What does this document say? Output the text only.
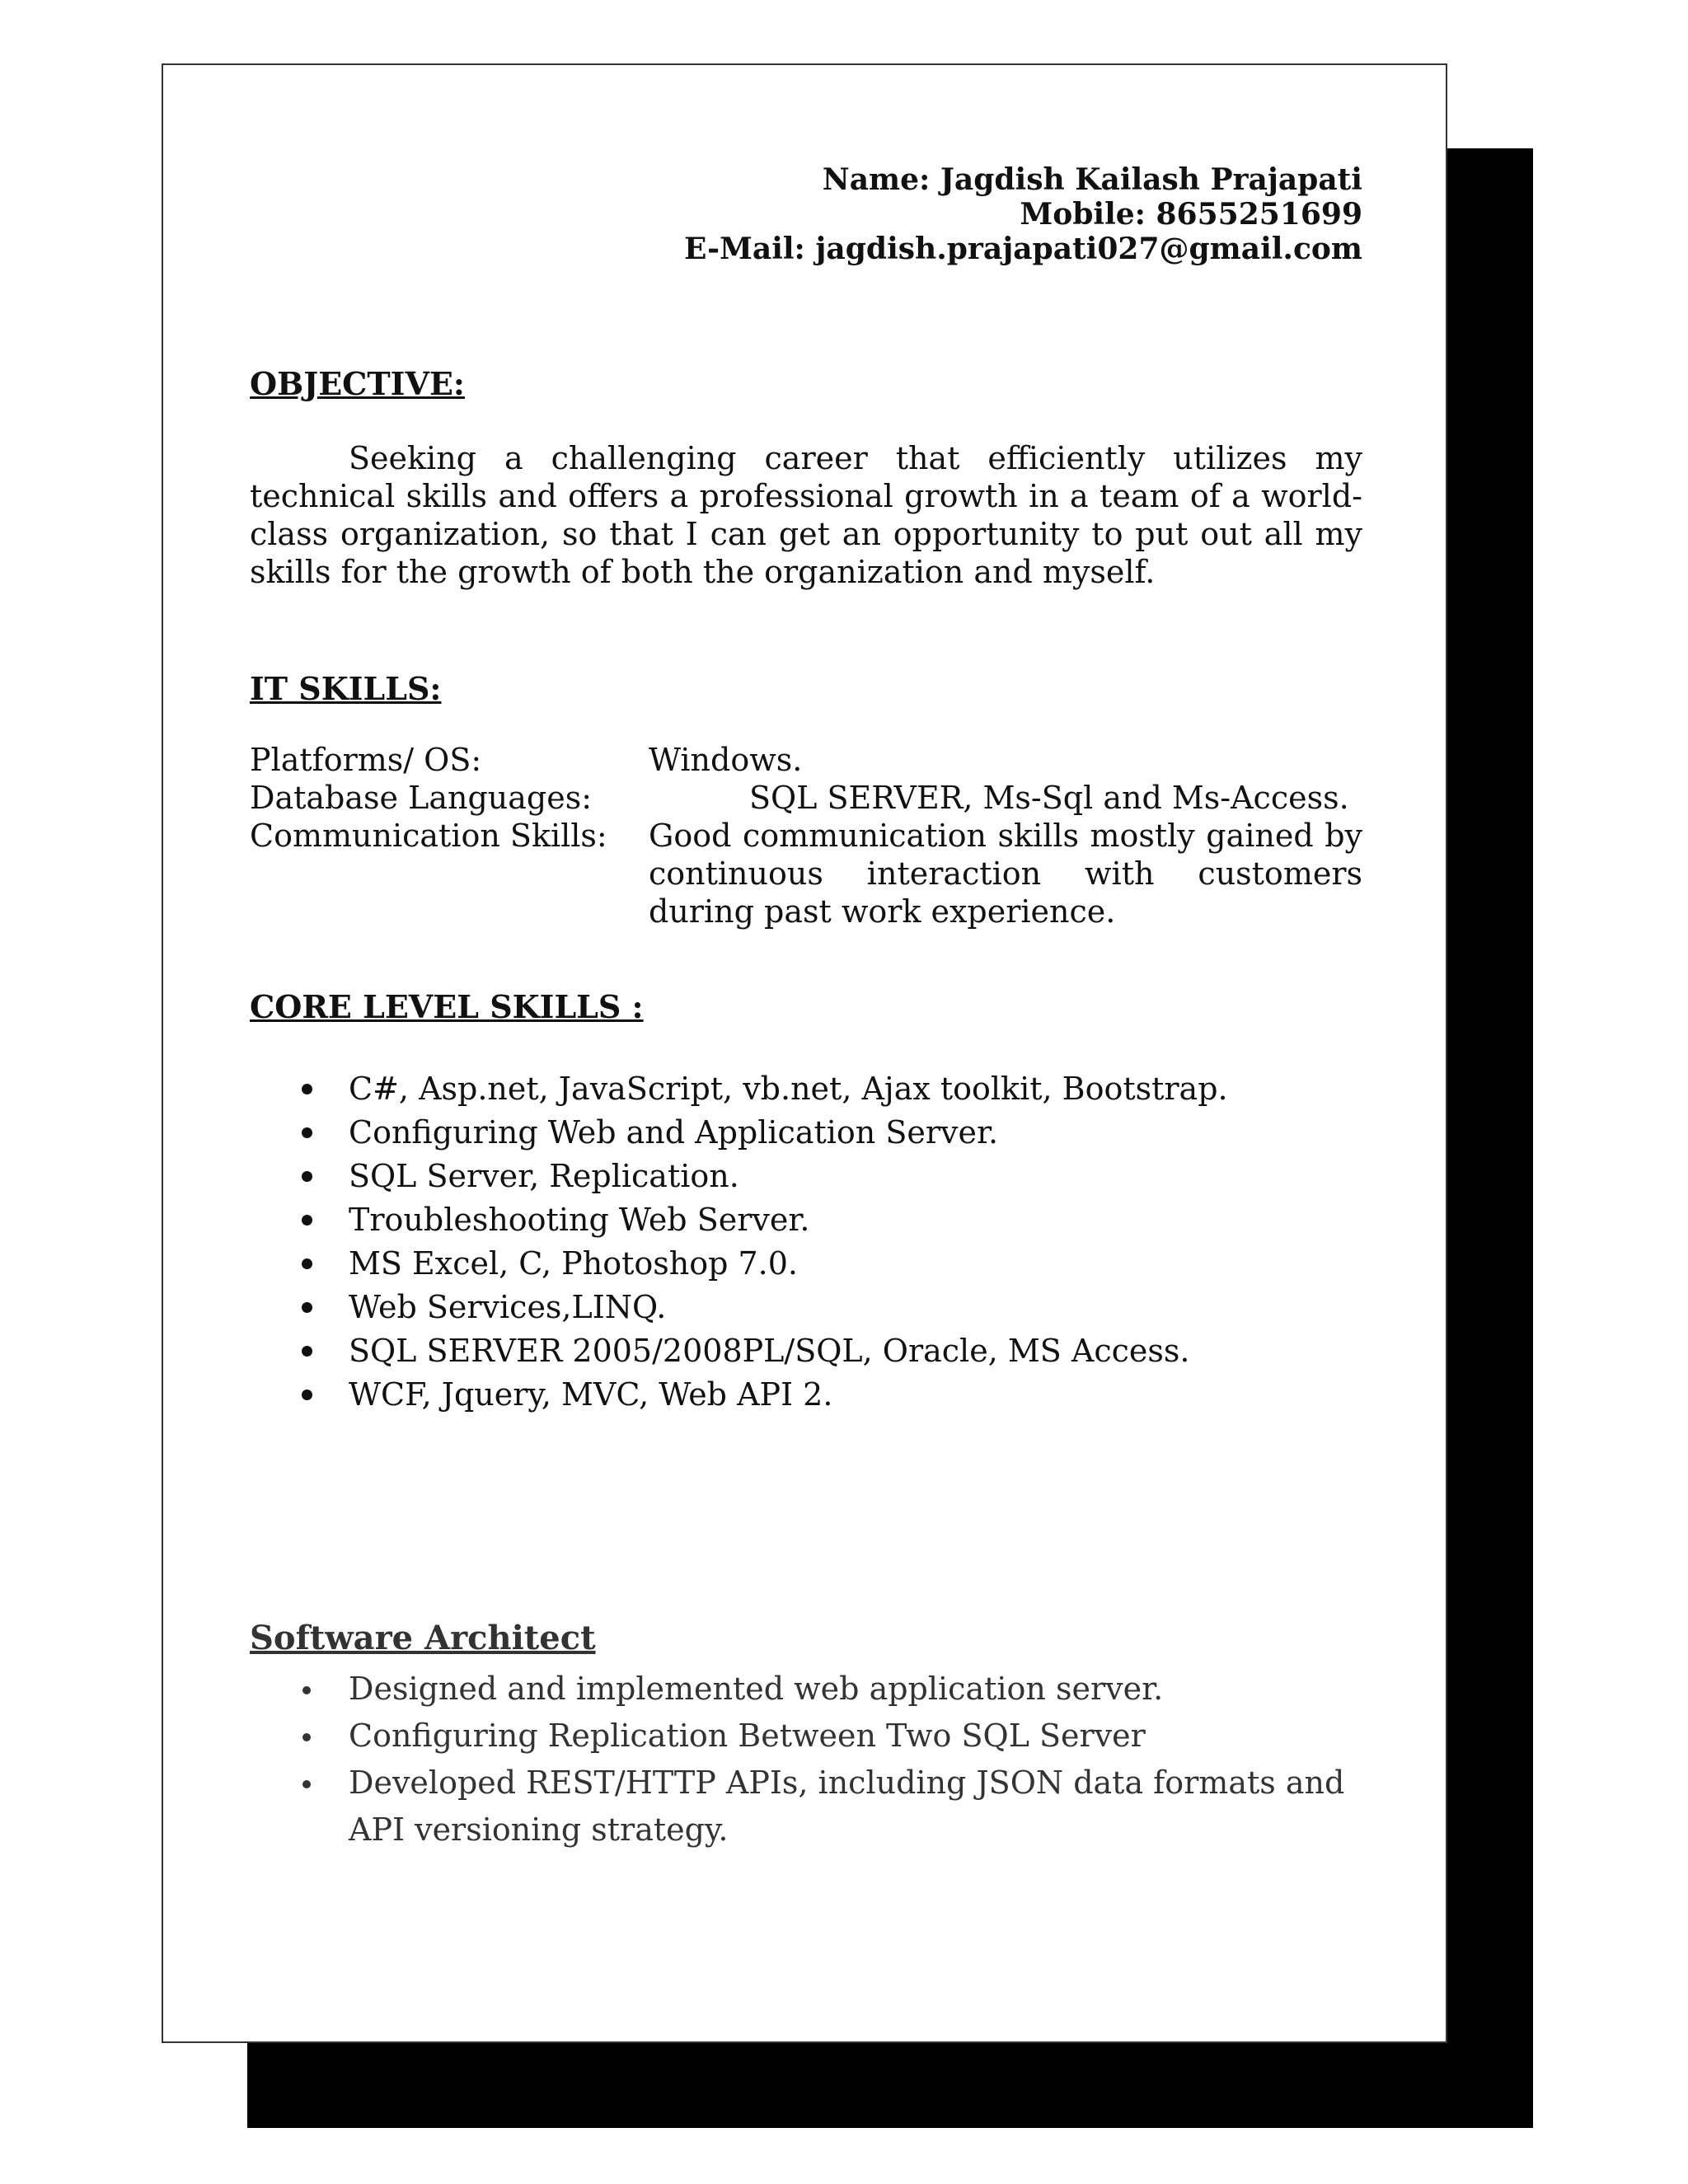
Name: Jagdish Kailash Prajapati
Mobile: 8655251699
E-Mail: jagdish.prajapati027@gmail.com
OBJECTIVE:
Seeking a challenging career that efficiently utilizes my technical skills and offers a professional growth in a team of a world-class organization, so that I can get an opportunity to put out all my skills for the growth of both the organization and myself.
IT SKILLS:
Platforms/ OS:	Windows.
Database Languages:	SQL SERVER, Ms-Sql and Ms-Access.
Communication Skills:	Good communication skills mostly gained by continuous interaction with customers during past work experience.
CORE LEVEL SKILLS :
C#, Asp.net, JavaScript, vb.net, Ajax toolkit, Bootstrap.
Configuring Web and Application Server.
SQL Server, Replication.
Troubleshooting Web Server.
MS Excel, C, Photoshop 7.0.
Web Services,LINQ.
SQL SERVER 2005/2008PL/SQL, Oracle, MS Access.
WCF, Jquery, MVC, Web API 2.
Software Architect
Designed and implemented web application server.
Configuring Replication Between Two SQL Server
Developed REST/HTTP APIs, including JSON data formats and API versioning strategy.
